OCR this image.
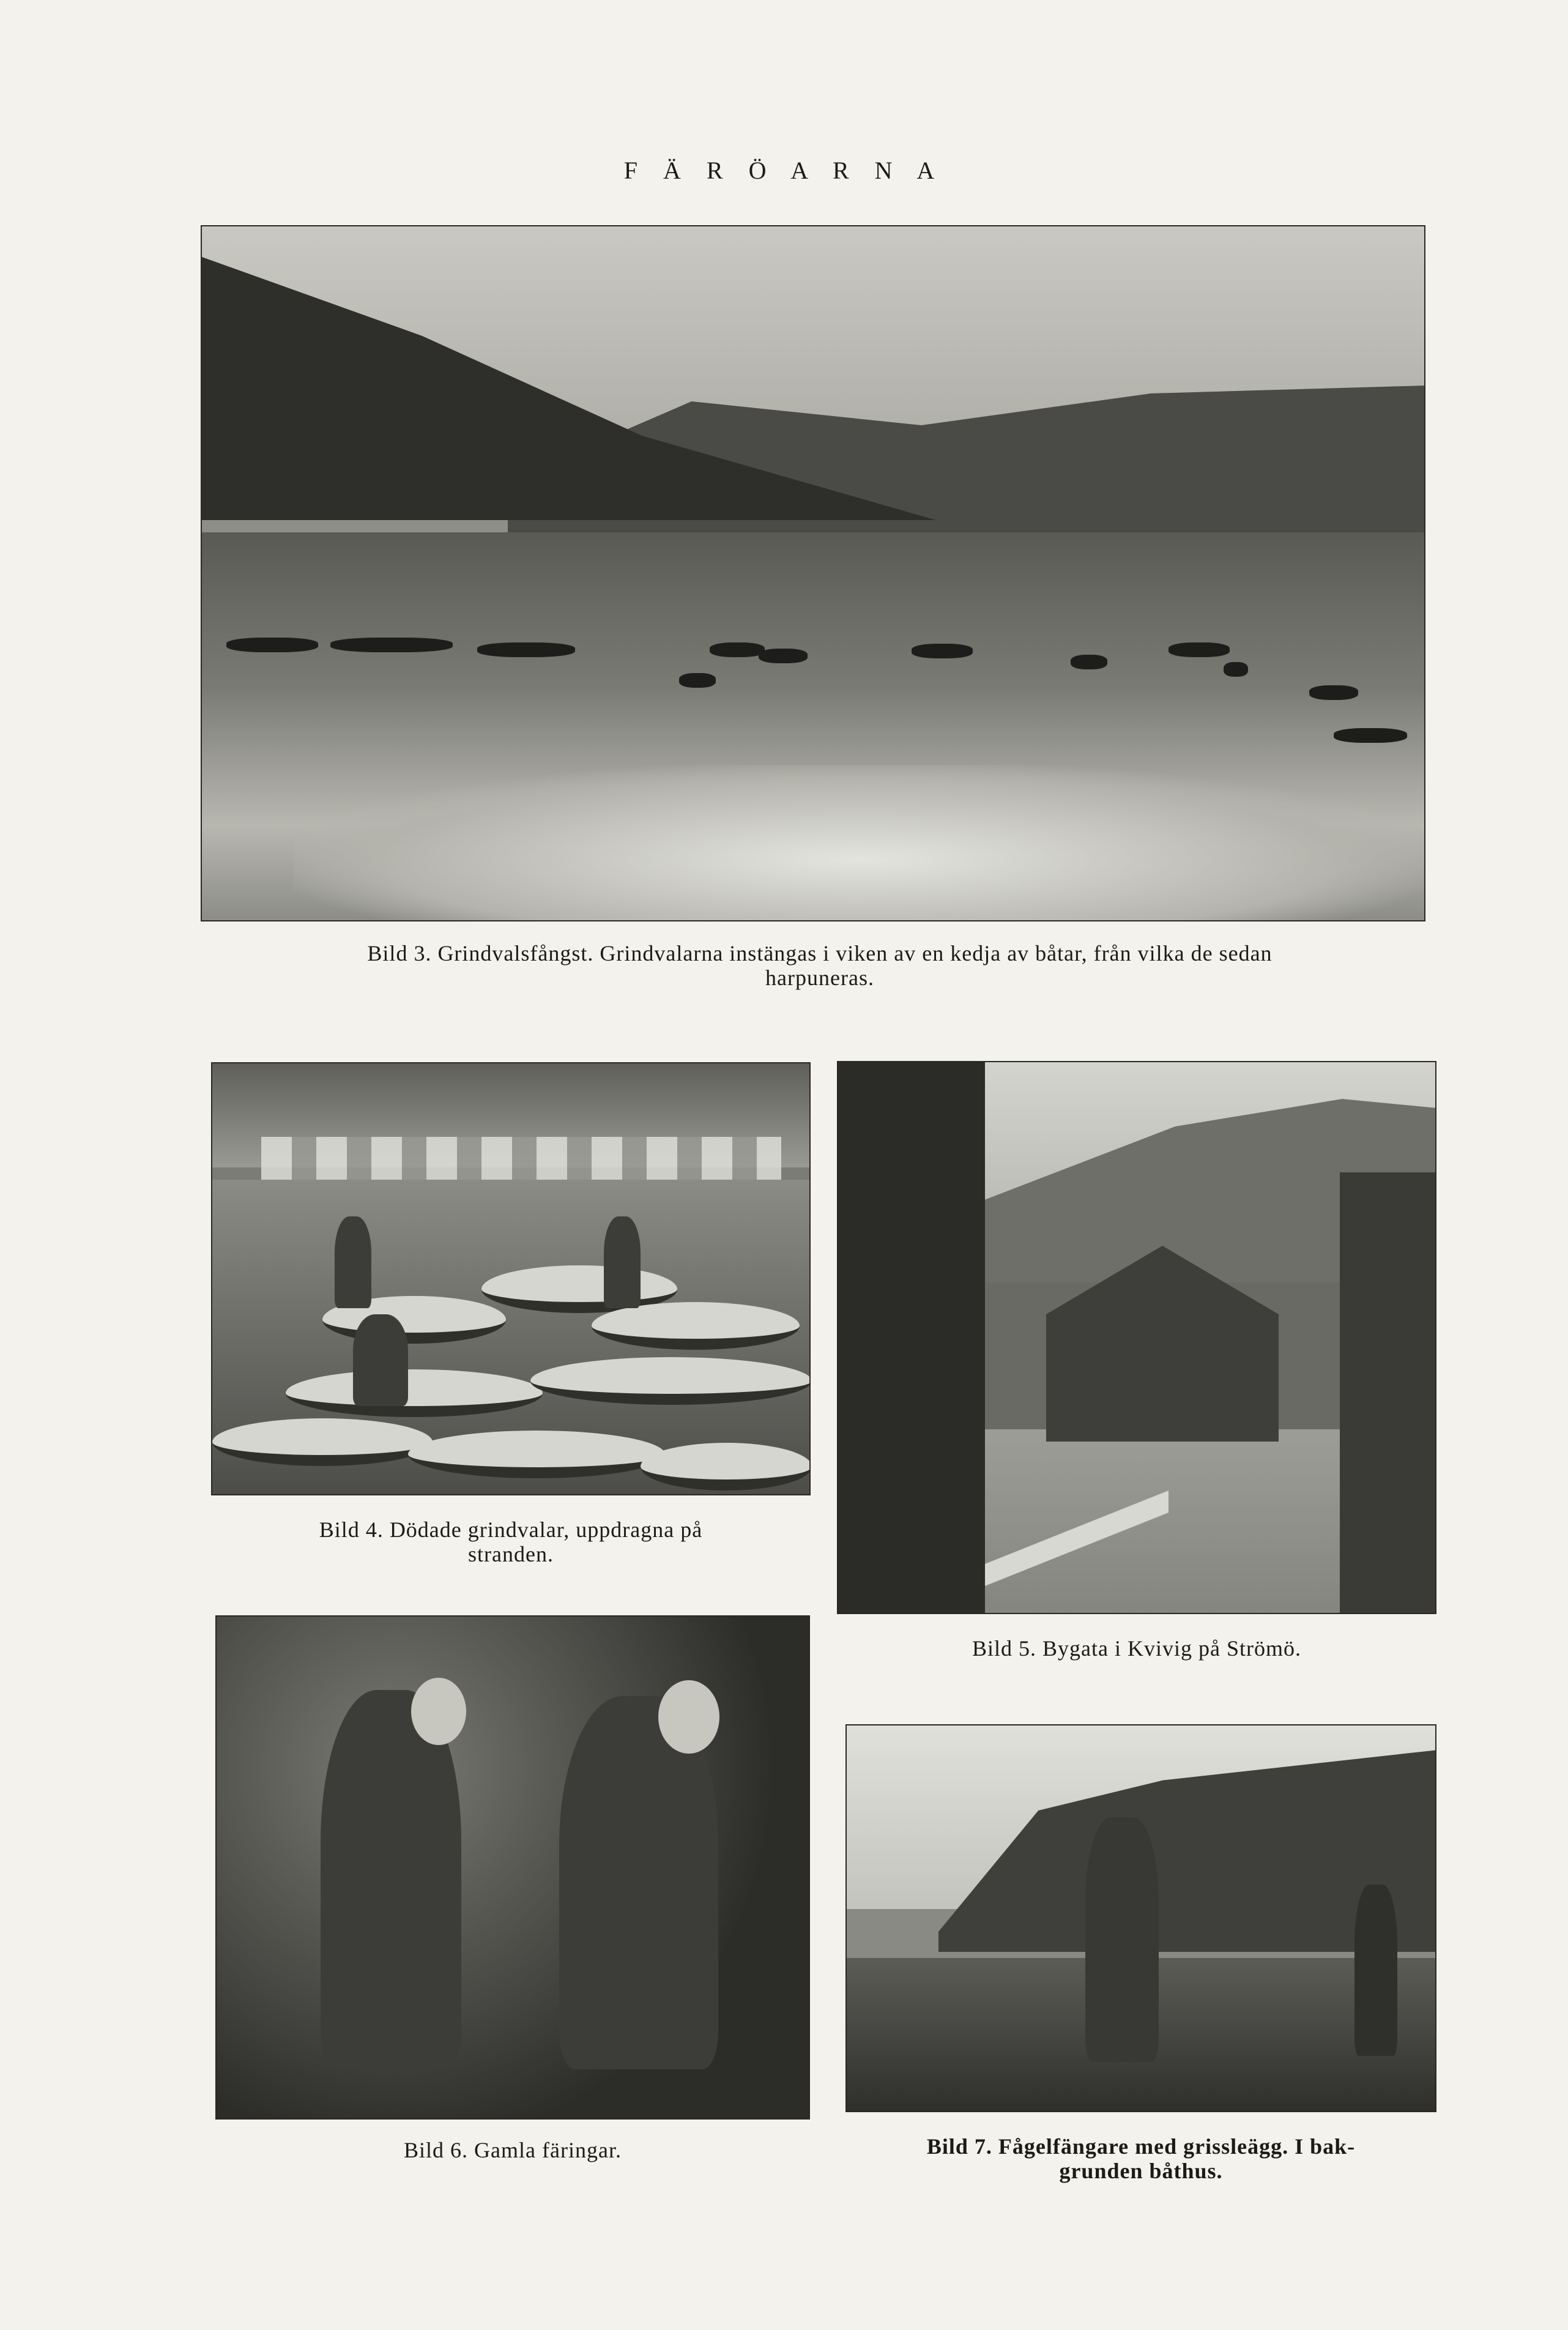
F Ä R Ö A R N A
Bild 3. Grindvalsfångst. Grindvalarna instängas i viken av en kedja av båtar, från vilka de sedan
harpuneras.
Bild 4. Dödade grindvalar, uppdragna på
stranden.
Bild 5. Bygata i Kvivig på Strömö.
Bild 6. Gamla färingar.	Bild 7. Fågelfängare med grissleägg. I bak-
grunden båthus.
